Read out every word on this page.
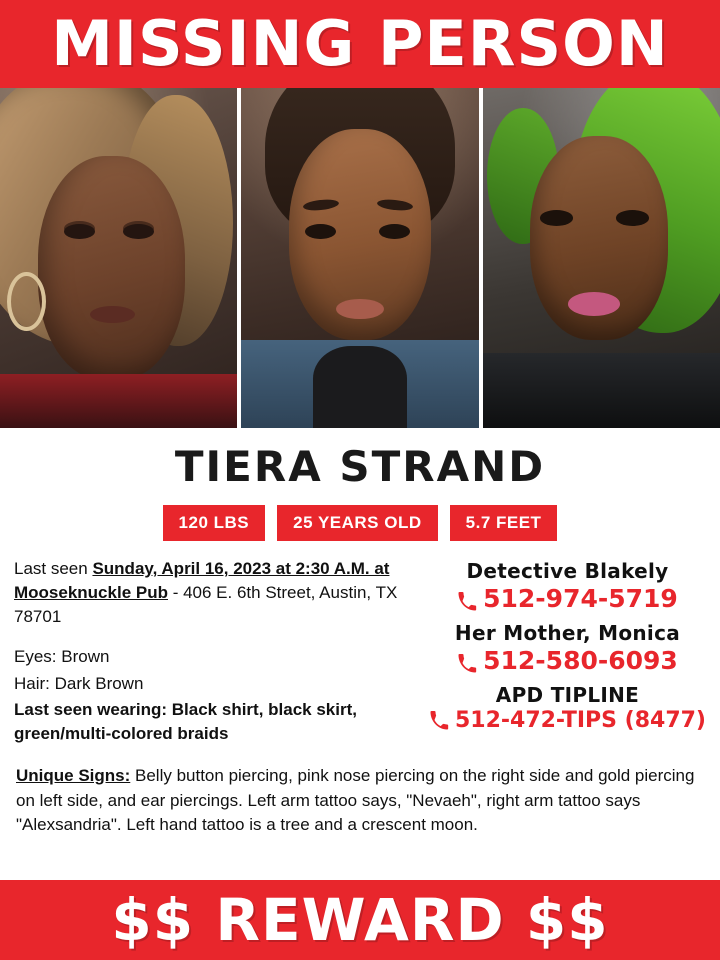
MISSING PERSON
TIERA STRAND
120 LBS	25 YEARS OLD	5.7 FEET
Last seen Sunday, April 16, 2023 at 2:30 A.M. at Mooseknuckle Pub - 406 E. 6th Street, Austin, TX 78701
Eyes: Brown
Hair: Dark Brown
Last seen wearing: Black shirt, black skirt, green/multi-colored braids
Detective Blakely
512-974-5719
Her Mother, Monica
512-580-6093
APD TIPLINE
512-472-TIPS (8477)
Unique Signs: Belly button piercing, pink nose piercing on the right side and gold piercing on left side, and ear piercings. Left arm tattoo says, "Nevaeh", right arm tattoo says "Alexsandria". Left hand tattoo is a tree and a crescent moon.
$$ REWARD $$
